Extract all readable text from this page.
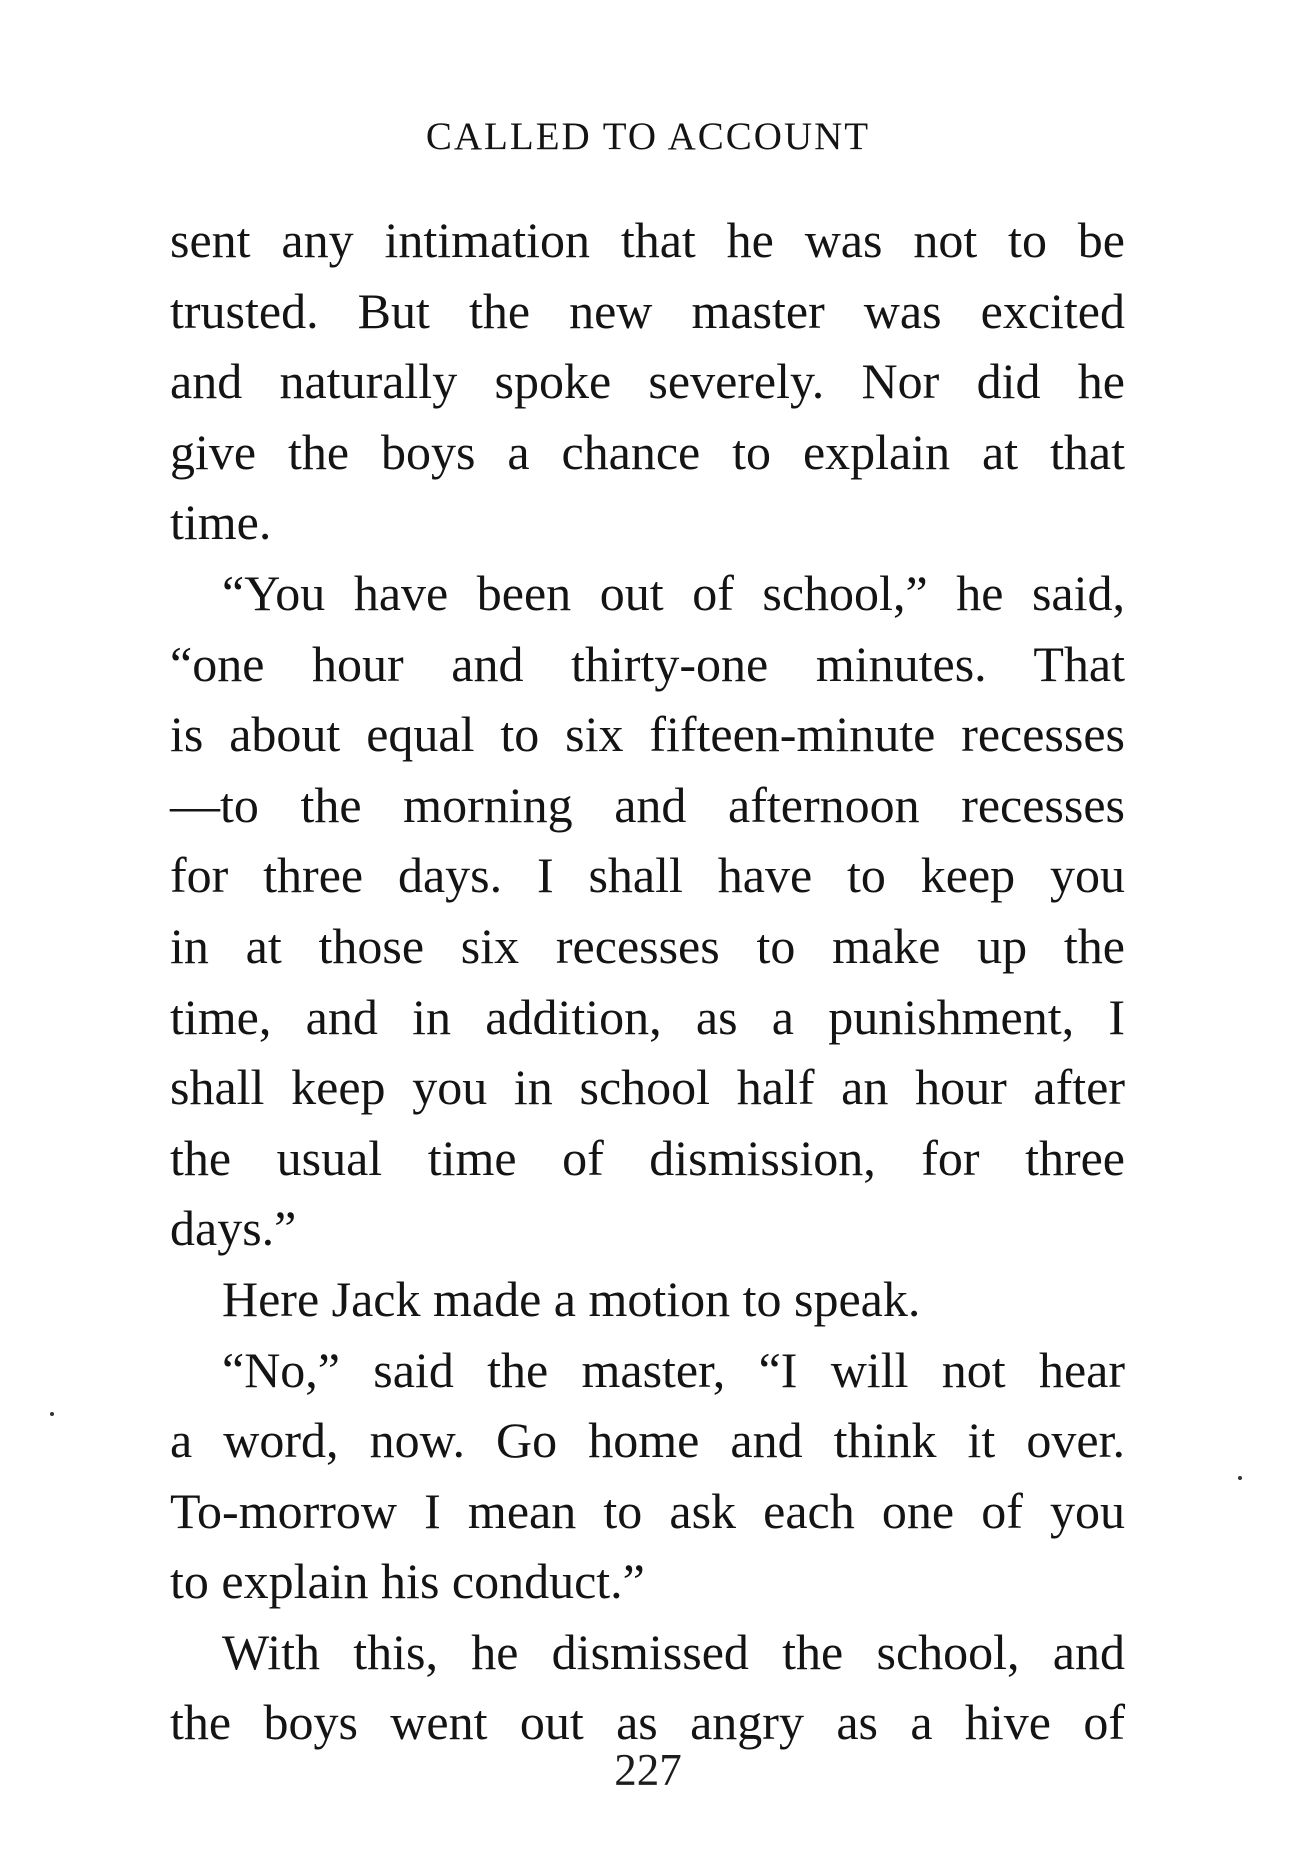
CALLED TO ACCOUNT
sent any intimation that he was not to be
trusted. But the new master was excited
and naturally spoke severely. Nor did he
give the boys a chance to explain at that
time.
“You have been out of school,” he said,
“one hour and thirty-one minutes. That
is about equal to six fifteen-minute recesses
—to the morning and afternoon recesses
for three days. I shall have to keep you
in at those six recesses to make up the
time, and in addition, as a punishment, I
shall keep you in school half an hour after
the usual time of dismission, for three
days.”
Here Jack made a motion to speak.
“No,” said the master, “I will not hear
a word, now. Go home and think it over.
To-morrow I mean to ask each one of you
to explain his conduct.”
With this, he dismissed the school, and
the boys went out as angry as a hive of
227
